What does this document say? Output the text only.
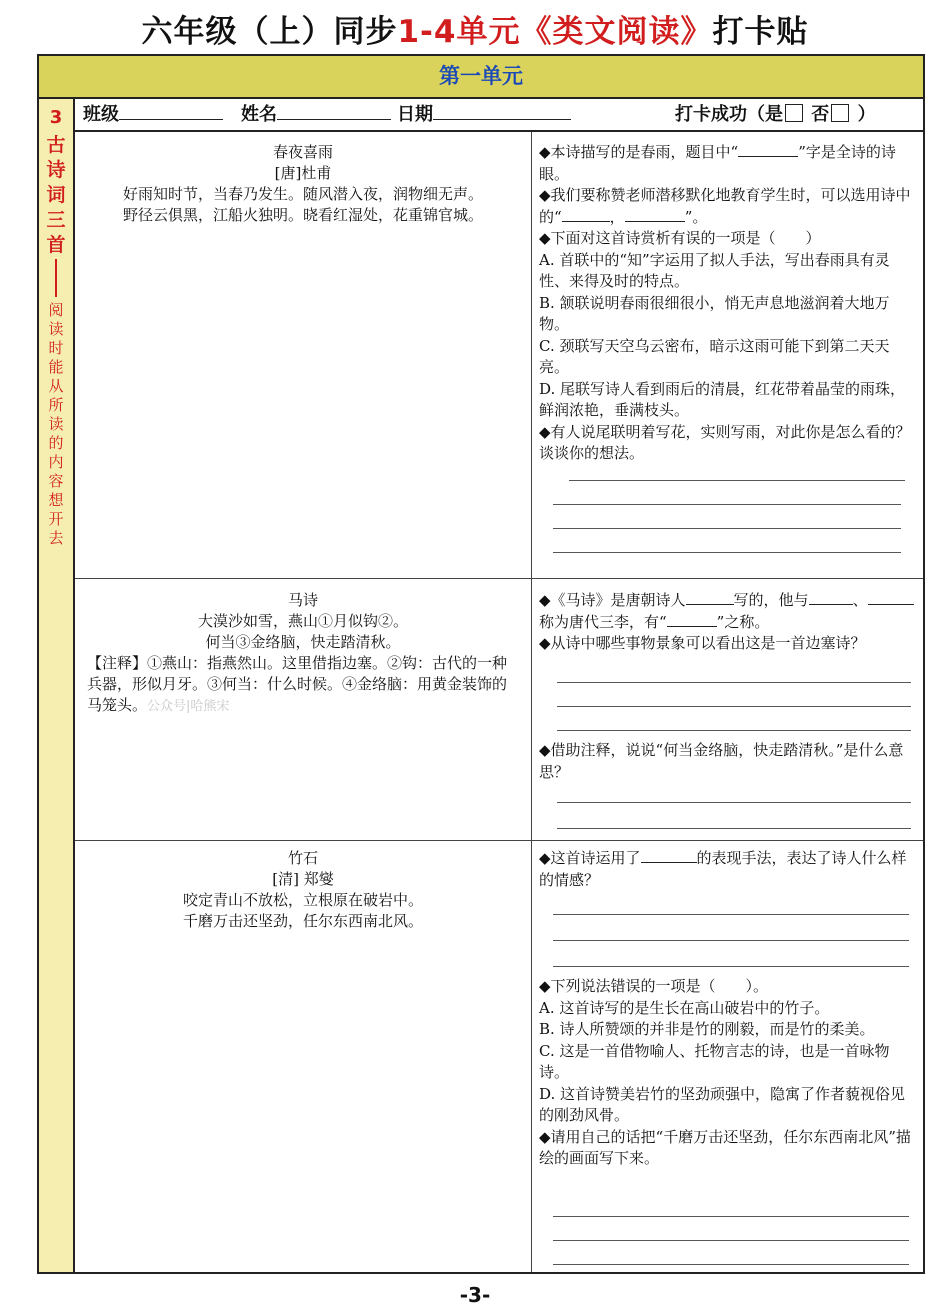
六年级（上）同步1-4单元《类文阅读》打卡贴
第一单元
3
古诗词三首
阅读时能从所读的内容想开去
班级	姓名	日期	打卡成功（是 否 ）
春夜喜雨
[唐]杜甫
好雨知时节，当春乃发生。随风潜入夜，润物细无声。
野径云俱黑，江船火独明。晓看红湿处，花重锦官城。

◆本诗描写的是春雨，题目中“	”字是全诗的诗眼。

◆我们要称赞老师潜移默化地教育学生时，可以选用诗中的“	，	”。

◆下面对这首诗赏析有误的一项是（　　）

A. 首联中的“知”字运用了拟人手法，写出春雨具有灵性、来得及时的特点。

B. 颔联说明春雨很细很小，悄无声息地滋润着大地万物。

C. 颈联写天空乌云密布，暗示这雨可能下到第二天天亮。

D. 尾联写诗人看到雨后的清晨，红花带着晶莹的雨珠，鲜润浓艳，垂满枝头。

◆有人说尾联明着写花，实则写雨，对此你是怎么看的？谈谈你的想法。

马诗
大漠沙如雪，燕山①月似钩②。
何当③金络脑，快走踏清秋。
【注释】①燕山：指燕然山。这里借指边塞。②钩：古代的一种兵器，形似月牙。③何当：什么时候。④金络脑：用黄金装饰的马笼头。公众号|哈熊宋

◆《马诗》是唐朝诗人	写的，他与	、称为唐代三李，有“	”之称。

◆从诗中哪些事物景象可以看出这是一首边塞诗？

◆借助注释，说说“何当金络脑，快走踏清秋。”是什么意思？

竹石
[清] 郑燮
咬定青山不放松，立根原在破岩中。
千磨万击还坚劲，任尔东西南北风。

◆这首诗运用了	的表现手法，表达了诗人什么样的情感？

◆下列说法错误的一项是（　　）。

A. 这首诗写的是生长在高山破岩中的竹子。

B. 诗人所赞颂的并非是竹的刚毅，而是竹的柔美。

C. 这是一首借物喻人、托物言志的诗，也是一首咏物诗。

D. 这首诗赞美岩竹的坚劲顽强中，隐寓了作者藐视俗见的刚劲风骨。

◆请用自己的话把“千磨万击还坚劲，任尔东西南北风”描绘的画面写下来。

-3-
